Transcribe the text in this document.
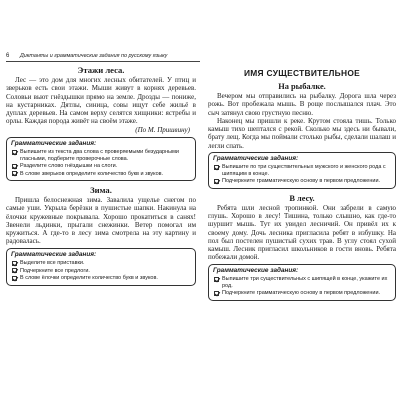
6 Диктанты и грамматические задания по русскому языку
Этажи леса.

Лес — это дом для многих лесных обитателей. У птиц и зверьков есть свои этажи. Мыши живут в корнях деревьев. Соловьи вьют гнёздышки прямо на земле. Дрозды — пониже, на кустарниках. Дятлы, синица, совы ищут себе жильё в дуплах деревьев. На самом верху селятся хищники: ястребы и орлы. Каждая порода живёт на своём этаже.

(По М. Пришвину)

Грамматические задания:
Выпишите из текста два слова с проверяемыми безударными гласными, подберите проверочные слова.
Разделите слово гнёздышки на слоги.
В слове зверьков определите количество букв и звуков.
Зима.

Пришла белоснежная зима. Завалила ущелье снегом по самые уши. Укрыла берёзки в пушистые шапки. Накинула на ёлочки кружевные покрывала. Хорошо прокатиться в санях! Звенели льдинки, прыгали снежинки. Ветер помогал им кружиться. А где-то в лесу зима смотрела на эту картину и радовалась.

Грамматические задания:
Выделите все приставки.
Подчеркните все предлоги.
В слове ёлочки определите количество букв и звуков.
ИМЯ СУЩЕСТВИТЕЛЬНОЕ
На рыбалке.

Вечером мы отправились на рыбалку. Дорога шла через рожь. Вот пробежала мышь. В роще послышался плач. Это сыч затянул свою грустную песню.

Наконец мы пришли к реке. Крутом стояла тишь. Только камыш тихо шептался с рекой. Сколько мы здесь ни бывали, брату лещ. Когда мы поймали столько рыбы, сделали шалаш и легли спать.

Грамматические задания:
Выпишите по три существительных мужского и женского рода с шипящим в конце.
Подчеркните грамматическую основу в первом предложении.
В лесу.

Ребята шли лесной тропинкой. Они забрели в самую глушь. Хорошо в лесу! Тишина, только слышно, как где-то шуршит мышь. Тут их увидел лесничий. Он привёл их к своему дому. Дочь лесника пригласила ребят в избушку. На пол был постелен пушистый сухих трав. В углу стоял сухой камыш. Лесник пригласил школьников в гости вновь. Ребята побежали домой.

Грамматические задания:
Выпишите три существительных с шипящей в конце, укажите их род.
Подчеркните грамматическую основу в первом предложении.
